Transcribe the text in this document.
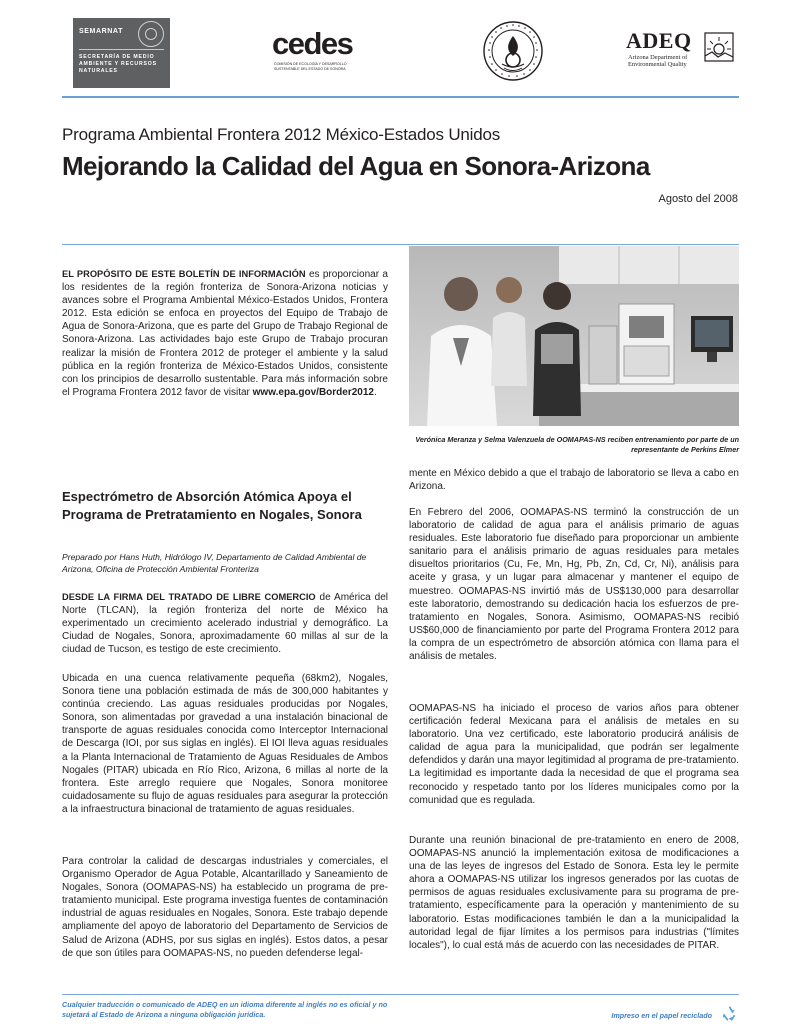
SEMARNAT
SECRETARÍA DE MEDIO AMBIENTE Y RECURSOS NATURALES
cedes
COMISIÓN DE ECOLOGÍA Y DESARROLLO SUSTENTABLE DEL ESTADO DE SONORA
ADEQ
Arizona Department of Environmental Quality
Programa Ambiental Frontera 2012 México-Estados Unidos
Mejorando la Calidad del Agua en Sonora-Arizona
Agosto del 2008

EL PROPÓSITO DE ESTE BOLETÍN DE INFORMACIÓN es proporcionar a los residentes de la región fronteriza de Sonora-Arizona noticias y avances sobre el Programa Ambiental México-Estados Unidos, Frontera 2012. Esta edición se enfoca en proyectos del Equipo de Trabajo de Agua de Sonora-Arizona, que es parte del Grupo de Trabajo Regional de Sonora-Arizona. Las actividades bajo este Grupo de Trabajo procuran realizar la misión de Frontera 2012 de proteger el ambiente y la salud pública en la región fronteriza de México-Estados Unidos, consistente con los principios de desarrollo sustentable. Para más información sobre el Programa Frontera 2012 favor de visitar www.epa.gov/Border2012.

Verónica Meranza y Selma Valenzuela de OOMAPAS-NS reciben entrenamiento por parte de un representante de Perkins Elmer
Espectrómetro de Absorción Atómica Apoya el Programa de Pretratamiento en Nogales, Sonora
Preparado por Hans Huth, Hidrólogo IV, Departamento de Calidad Ambiental de Arizona, Oficina de Protección Ambiental Fronteriza

DESDE LA FIRMA DEL TRATADO DE LIBRE COMERCIO de América del Norte (TLCAN), la región fronteriza del norte de México ha experimentado un crecimiento acelerado industrial y demográfico. La Ciudad de Nogales, Sonora, aproximadamente 60 millas al sur de la ciudad de Tucson, es testigo de este crecimiento.

Ubicada en una cuenca relativamente pequeña (68km2), Nogales, Sonora tiene una población estimada de más de 300,000 habitantes y continúa creciendo. Las aguas residuales producidas por Nogales, Sonora, son alimentadas por gravedad a una instalación binacional de transporte de aguas residuales conocida como Interceptor Internacional de Descarga (IOI, por sus siglas en inglés). El IOI lleva aguas residuales a la Planta Internacional de Tratamiento de Aguas Residuales de Ambos Nogales (PITAR) ubicada en Río Rico, Arizona, 6 millas al norte de la frontera. Este arreglo requiere que Nogales, Sonora monitoree cuidadosamente su flujo de aguas residuales para asegurar la protección a la infraestructura binacional de tratamiento de aguas residuales.

Para controlar la calidad de descargas industriales y comerciales, el Organismo Operador de Agua Potable, Alcantarillado y Saneamiento de Nogales, Sonora (OOMAPAS-NS) ha establecido un programa de pre-tratamiento municipal. Este programa investiga fuentes de contaminación industrial de aguas residuales en Nogales, Sonora. Este trabajo depende ampliamente del apoyo de laboratorio del Departamento de Servicios de Salud de Arizona (ADHS, por sus siglas en inglés). Estos datos, a pesar de que son útiles para OOMAPAS-NS, no pueden defenderse legal-

mente en México debido a que el trabajo de laboratorio se lleva a cabo en Arizona.

En Febrero del 2006, OOMAPAS-NS terminó la construcción de un laboratorio de calidad de agua para el análisis primario de aguas residuales. Este laboratorio fue diseñado para proporcionar un ambiente sanitario para el análisis primario de aguas residuales para metales disueltos prioritarios (Cu, Fe, Mn, Hg, Pb, Zn, Cd, Cr, Ni), análisis para aceite y grasa, y un lugar para almacenar y mantener el equipo de muestreo. OOMAPAS-NS invirtió más de US$130,000 para desarrollar este laboratorio, demostrando su dedicación hacia los esfuerzos de pre-tratamiento en Nogales, Sonora. Asimismo, OOMAPAS-NS recibió US$60,000 de financiamiento por parte del Programa Frontera 2012 para la compra de un espectrómetro de absorción atómica con llama para el análisis de metales.

OOMAPAS-NS ha iniciado el proceso de varios años para obtener certificación federal Mexicana para el análisis de metales en su laboratorio. Una vez certificado, este laboratorio producirá análisis de calidad de agua para la municipalidad, que podrán ser legalmente defendidos y darán una mayor legitimidad al programa de pre-tratamiento. La legitimidad es importante dada la necesidad de que el programa sea reconocido y respetado tanto por los líderes municipales como por la comunidad que es regulada.

Durante una reunión binacional de pre-tratamiento en enero de 2008, OOMAPAS-NS anunció la implementación exitosa de modificaciones a una de las leyes de ingresos del Estado de Sonora. Esta ley le permite ahora a OOMAPAS-NS utilizar los ingresos generados por las cuotas de permisos de aguas residuales exclusivamente para su programa de pre-tratamiento, específicamente para la operación y mantenimiento de su laboratorio. Estas modificaciones también le dan a la municipalidad la autoridad legal de fijar límites a los permisos para industrias ("límites locales"), lo cual está más de acuerdo con las necesidades de PITAR.

Cualquier traducción o comunicado de ADEQ en un idioma diferente al inglés no es oficial y no sujetará al Estado de Arizona a ninguna obligación jurídica.	Impreso en el papel reciclado
